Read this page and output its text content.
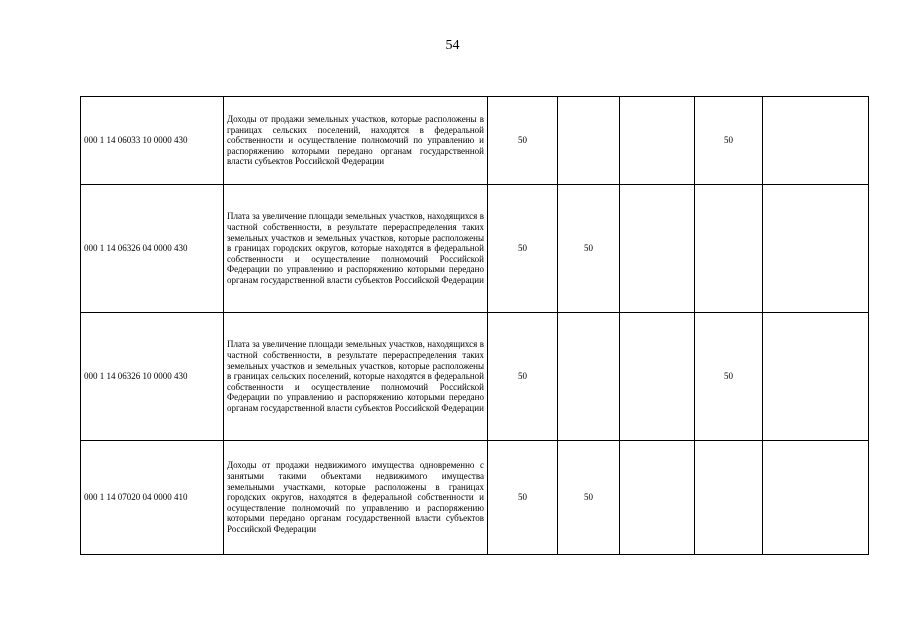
54
000 1 14 06033 10 0000 430	Доходы от продажи земельных участков, которые расположены в границах сельских поселений, находятся в федеральной собственности и осуществление полномочий по управлению и распоряжению которыми передано органам государственной власти субъектов Российской Федерации	50			50	
000 1 14 06326 04 0000 430	Плата за увеличение площади земельных участков, находящихся в частной собственности, в результате перераспределения таких земельных участков и земельных участков, которые расположены в границах городских округов, которые находятся в федеральной собственности и осуществление полномочий Российской Федерации по управлению и распоряжению которыми передано органам государственной власти субъектов Российской Федерации	50	50			
000 1 14 06326 10 0000 430	Плата за увеличение площади земельных участков, находящихся в частной собственности, в результате перераспределения таких земельных участков и земельных участков, которые расположены в границах сельских поселений, которые находятся в федеральной собственности и осуществление полномочий Российской Федерации по управлению и распоряжению которыми передано органам государственной власти субъектов Российской Федерации	50			50	
000 1 14 07020 04 0000 410	Доходы от продажи недвижимого имущества одновременно с занятыми такими объектами недвижимого имущества земельными участками, которые расположены в границах городских округов, находятся в федеральной собственности и осуществление полномочий по управлению и распоряжению которыми передано органам государственной власти субъектов Российской Федерации	50	50			
